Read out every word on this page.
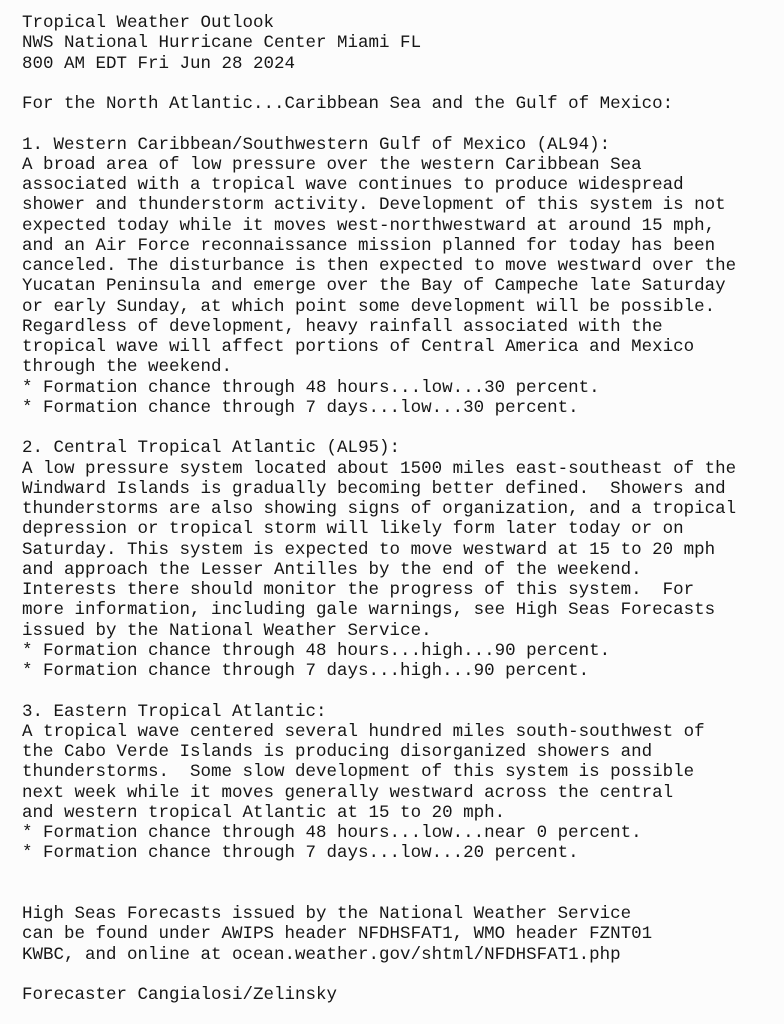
Tropical Weather Outlook
NWS National Hurricane Center Miami FL
800 AM EDT Fri Jun 28 2024
For the North Atlantic...Caribbean Sea and the Gulf of Mexico:
1. Western Caribbean/Southwestern Gulf of Mexico (AL94):
A broad area of low pressure over the western Caribbean Sea
associated with a tropical wave continues to produce widespread
shower and thunderstorm activity. Development of this system is not
expected today while it moves west-northwestward at around 15 mph,
and an Air Force reconnaissance mission planned for today has been
canceled. The disturbance is then expected to move westward over the
Yucatan Peninsula and emerge over the Bay of Campeche late Saturday
or early Sunday, at which point some development will be possible.
Regardless of development, heavy rainfall associated with the
tropical wave will affect portions of Central America and Mexico
through the weekend.
* Formation chance through 48 hours...low...30 percent.
* Formation chance through 7 days...low...30 percent.
2. Central Tropical Atlantic (AL95):
A low pressure system located about 1500 miles east-southeast of the
Windward Islands is gradually becoming better defined.  Showers and
thunderstorms are also showing signs of organization, and a tropical
depression or tropical storm will likely form later today or on
Saturday. This system is expected to move westward at 15 to 20 mph
and approach the Lesser Antilles by the end of the weekend.
Interests there should monitor the progress of this system.  For
more information, including gale warnings, see High Seas Forecasts
issued by the National Weather Service.
* Formation chance through 48 hours...high...90 percent.
* Formation chance through 7 days...high...90 percent.
3. Eastern Tropical Atlantic:
A tropical wave centered several hundred miles south-southwest of
the Cabo Verde Islands is producing disorganized showers and
thunderstorms.  Some slow development of this system is possible
next week while it moves generally westward across the central
and western tropical Atlantic at 15 to 20 mph.
* Formation chance through 48 hours...low...near 0 percent.
* Formation chance through 7 days...low...20 percent.
High Seas Forecasts issued by the National Weather Service
can be found under AWIPS header NFDHSFAT1, WMO header FZNT01
KWBC, and online at ocean.weather.gov/shtml/NFDHSFAT1.php
Forecaster Cangialosi/Zelinsky
